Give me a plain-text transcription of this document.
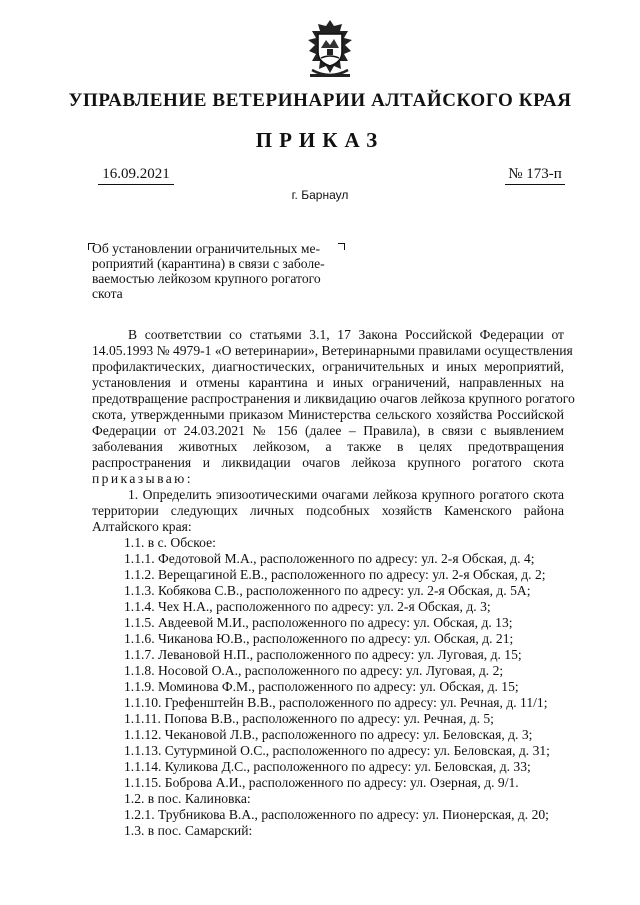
УПРАВЛЕНИЕ ВЕТЕРИНАРИИ АЛТАЙСКОГО КРАЯ
ПРИКАЗ
16.09.2021	№ 173-п
г. Барнаул
Об установлении ограничительных ме-
роприятий (карантина) в связи с заболе-
ваемостью лейкозом крупного рогатого
скота
В соответствии со статьями 3.1, 17 Закона Российской Федерации от
14.05.1993 № 4979-1 «О ветеринарии», Ветеринарными правилами осуществления
профилактических, диагностических, ограничительных и иных мероприятий,
установления и отмены карантина и иных ограничений, направленных на
предотвращение распространения и ликвидацию очагов лейкоза крупного рогатого
скота, утвержденными приказом Министерства сельского хозяйства Российской
Федерации от 24.03.2021 № 156 (далее – Правила), в связи с выявлением
заболевания животных лейкозом, а также в целях предотвращения
распространения и ликвидации очагов лейкоза крупного рогатого скота
приказываю:
1. Определить эпизоотическими очагами лейкоза крупного рогатого скота
территории следующих личных подсобных хозяйств Каменского района
Алтайского края:
1.1. в с. Обское:
1.1.1. Федотовой М.А., расположенного по адресу: ул. 2-я Обская, д. 4;
1.1.2. Верещагиной Е.В., расположенного по адресу: ул. 2-я Обская, д. 2;
1.1.3. Кобякова С.В., расположенного по адресу: ул. 2-я Обская, д. 5А;
1.1.4. Чех Н.А., расположенного по адресу: ул. 2-я Обская, д. 3;
1.1.5. Авдеевой М.И., расположенного по адресу: ул. Обская, д. 13;
1.1.6. Чиканова Ю.В., расположенного по адресу: ул. Обская, д. 21;
1.1.7. Левановой Н.П., расположенного по адресу: ул. Луговая, д. 15;
1.1.8. Носовой О.А., расположенного по адресу: ул. Луговая, д. 2;
1.1.9. Моминова Ф.М., расположенного по адресу: ул. Обская, д. 15;
1.1.10. Грефенштейн В.В., расположенного по адресу: ул. Речная, д. 11/1;
1.1.11. Попова В.В., расположенного по адресу: ул. Речная, д. 5;
1.1.12. Чекановой Л.В., расположенного по адресу: ул. Беловская, д. 3;
1.1.13. Сутурминой О.С., расположенного по адресу: ул. Беловская, д. 31;
1.1.14. Куликова Д.С., расположенного по адресу: ул. Беловская, д. 33;
1.1.15. Боброва А.И., расположенного по адресу: ул. Озерная, д. 9/1.
1.2. в пос. Калиновка:
1.2.1. Трубникова В.А., расположенного по адресу: ул. Пионерская, д. 20;
1.3. в пос. Самарский:
